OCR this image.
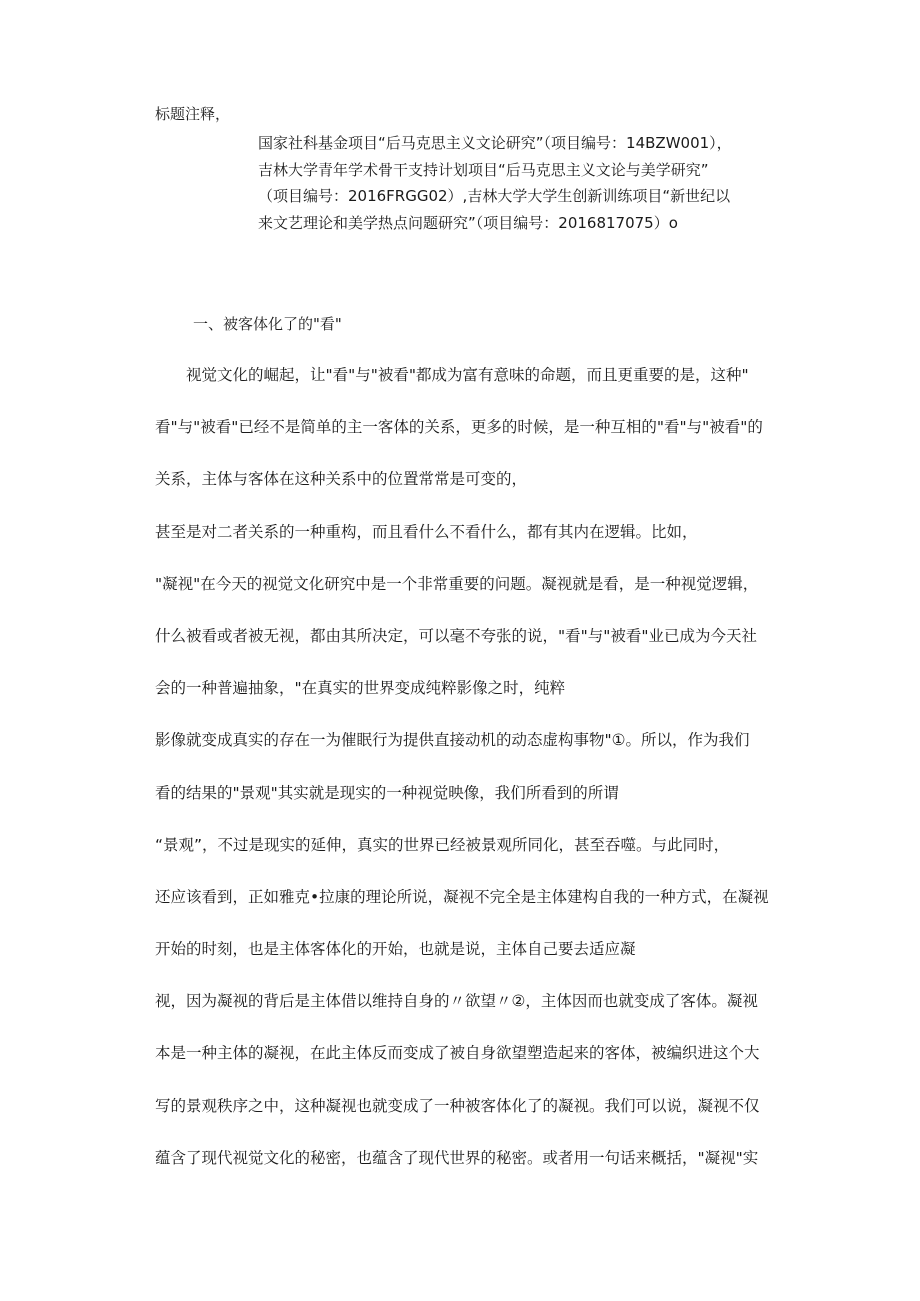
标题注释，
国家社科基金项目“后马克思主义文论研究”（项目编号：14BZW001），
吉林大学青年学术骨干支持计划项目“后马克思主义文论与美学研究”
（项目编号：2016FRGG02）,吉林大学大学生创新训练项目“新世纪以
来文艺理论和美学热点问题研究”（项目编号：2016817075）o
一、被客体化了的"看"
　　视觉文化的崛起，让"看"与"被看"都成为富有意味的命题，而且更重要的是，这种"
看"与"被看"已经不是简单的主一客体的关系，更多的时候，是一种互相的"看"与"被看"的
关系，主体与客体在这种关系中的位置常常是可变的，
甚至是对二者关系的一种重构，而且看什么不看什么，都有其内在逻辑。比如，
"凝视"在今天的视觉文化研究中是一个非常重要的问题。凝视就是看，是一种视觉逻辑，
什么被看或者被无视，都由其所决定，可以毫不夸张的说，"看"与"被看"业已成为今天社
会的一种普遍抽象，"在真实的世界变成纯粹影像之时，纯粹
影像就变成真实的存在一为催眠行为提供直接动机的动态虚构事物"①。所以，作为我们
看的结果的"景观"其实就是现实的一种视觉映像，我们所看到的所谓
“景观”，不过是现实的延伸，真实的世界已经被景观所同化，甚至吞噬。与此同时，
还应该看到，正如雅克•拉康的理论所说，凝视不完全是主体建构自我的一种方式，在凝视
开始的时刻，也是主体客体化的开始，也就是说，主体自己要去适应凝
视，因为凝视的背后是主体借以维持自身的〃欲望〃②，主体因而也就变成了客体。凝视
本是一种主体的凝视，在此主体反而变成了被自身欲望塑造起来的客体，被编织进这个大
写的景观秩序之中，这种凝视也就变成了一种被客体化了的凝视。我们可以说，凝视不仅
蕴含了现代视觉文化的秘密，也蕴含了现代世界的秘密。或者用一句话来概括，"凝视"实
